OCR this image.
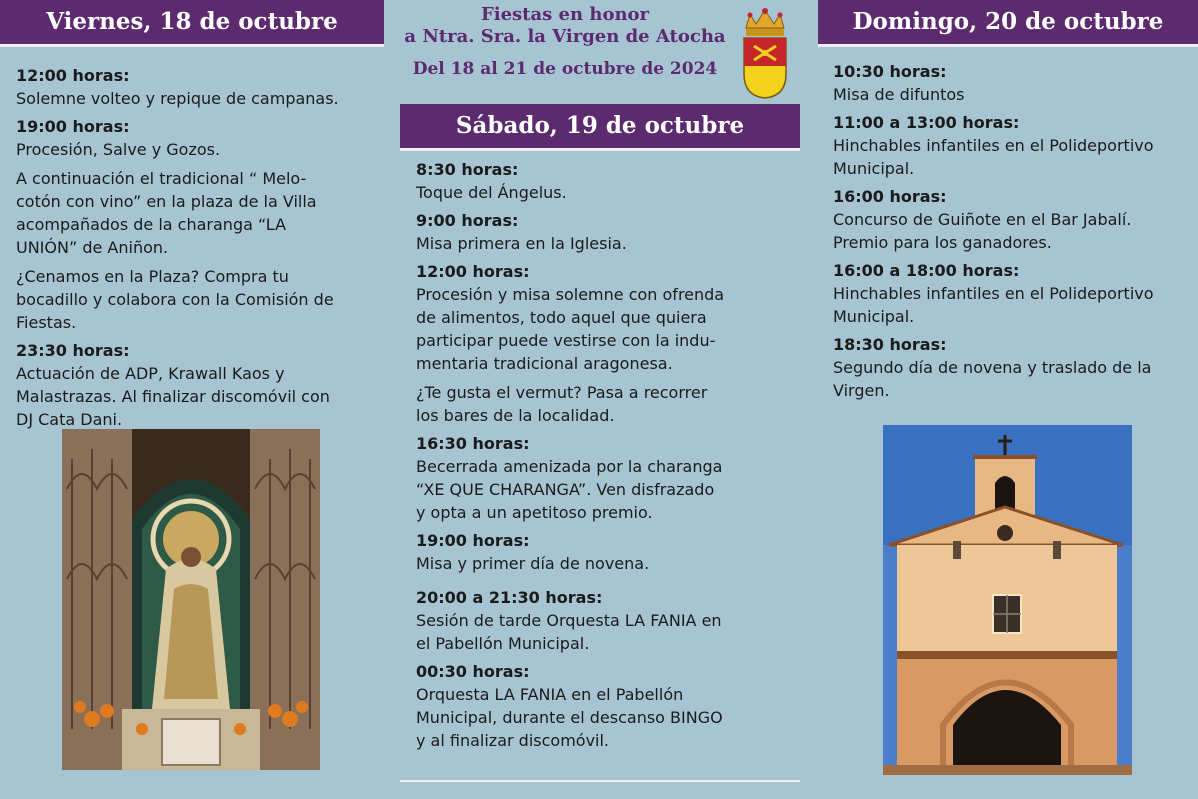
Viernes, 18 de octubre
12:00 horas:
Solemne volteo y repique de campanas.
19:00 horas:
Procesión, Salve y Gozos.
A continuación el tradicional “ Melo-
cotón con vino” en la plaza de la Villa
acompañados de la charanga “LA
UNIÓN” de Aniñon.
¿Cenamos en la Plaza? Compra tu
bocadillo y colabora con la Comisión de
Fiestas.
23:30 horas:
Actuación de ADP, Krawall Kaos y
Malastrazas. Al finalizar discomóvil con
DJ Cata Dani.
Fiestas en honor
a Ntra. Sra. la Virgen de Atocha
Del 18 al 21 de octubre de 2024
Sábado, 19 de octubre
8:30 horas:
Toque del Ángelus.
9:00 horas:
Misa primera en la Iglesia.
12:00 horas:
Procesión y misa solemne con ofrenda
de alimentos, todo aquel que quiera
participar puede vestirse con la indu-
mentaria tradicional aragonesa.
¿Te gusta el vermut? Pasa a recorrer
los bares de la localidad.
16:30 horas:
Becerrada amenizada por la charanga
“XE QUE CHARANGA”. Ven disfrazado
y opta a un apetitoso premio.
19:00 horas:
Misa y primer día de novena.
20:00 a 21:30 horas:
Sesión de tarde Orquesta LA FANIA en
el Pabellón Municipal.
00:30 horas:
Orquesta LA FANIA en el Pabellón
Municipal, durante el descanso BINGO
y al finalizar discomóvil.
Domingo, 20 de octubre
10:30 horas:
Misa de difuntos
11:00 a 13:00 horas:
Hinchables infantiles en el Polideportivo
Municipal.
16:00 horas:
Concurso de Guiñote en el Bar Jabalí.
Premio para los ganadores.
16:00 a 18:00 horas:
Hinchables infantiles en el Polideportivo
Municipal.
18:30 horas:
Segundo día de novena y traslado de la
Virgen.
